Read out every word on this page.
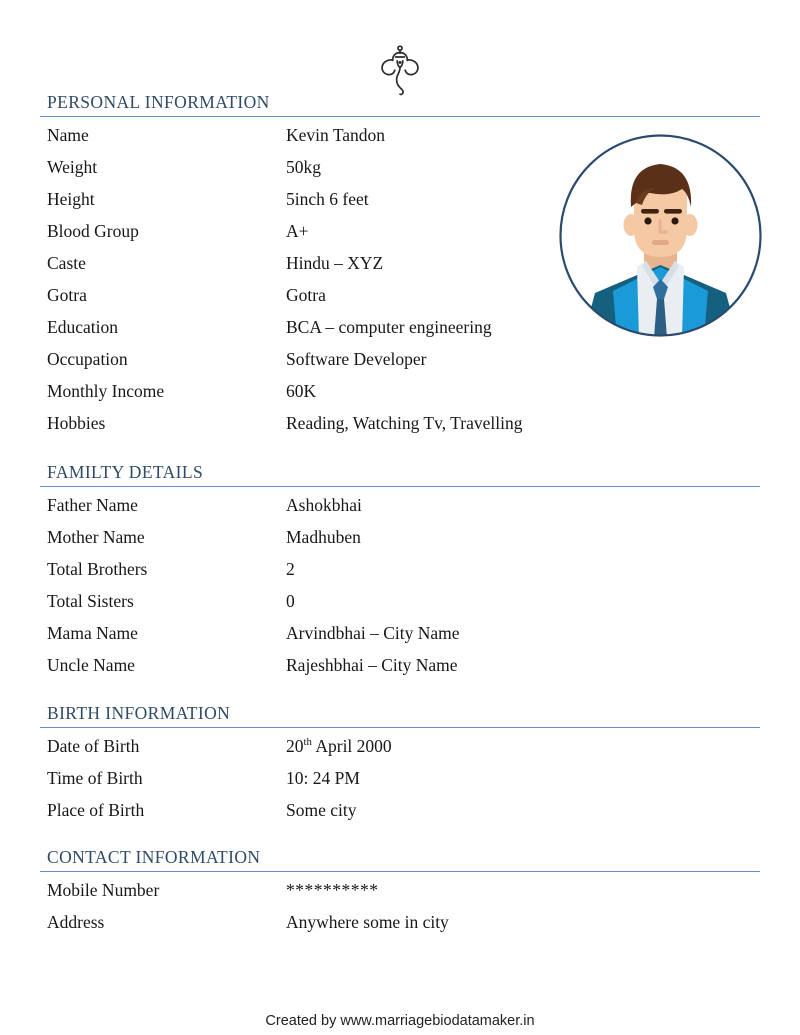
PERSONAL INFORMATION
Name	Kevin Tandon
Weight	50kg
Height	5inch 6 feet
Blood Group	A+
Caste	Hindu – XYZ
Gotra	Gotra
Education	BCA – computer engineering
Occupation	Software Developer
Monthly Income	60K
Hobbies	Reading, Watching Tv, Travelling
FAMILTY DETAILS
Father Name	Ashokbhai
Mother Name	Madhuben
Total Brothers	2
Total Sisters	0
Mama Name	Arvindbhai – City Name
Uncle Name	Rajeshbhai – City Name
BIRTH INFORMATION
Date of Birth	20th April 2000
Time of Birth	10: 24 PM
Place of Birth	Some city
CONTACT INFORMATION
Mobile Number	**********
Address	Anywhere some in city
Created by www.marriagebiodatamaker.in
